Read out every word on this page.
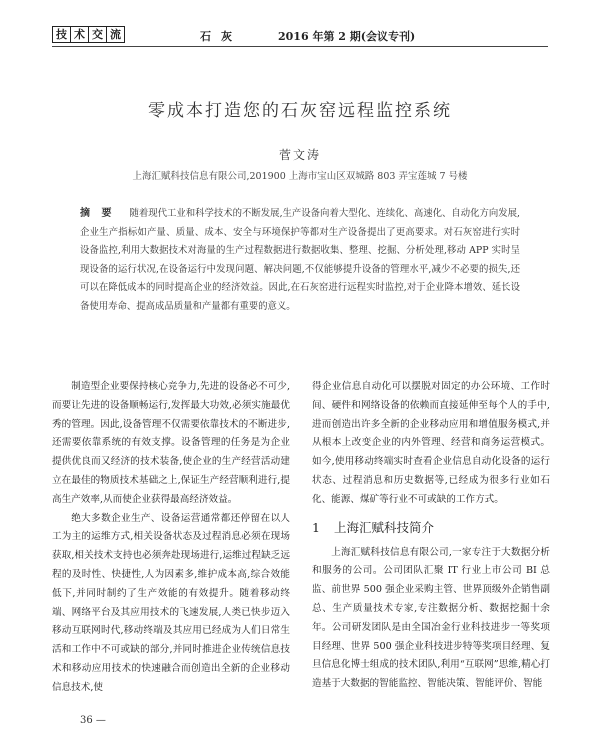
技 术 交 流	石灰	2016 年第 2 期(会议专刊)
零成本打造您的石灰窑远程监控系统
菅文涛
上海汇赋科技信息有限公司,201900 上海市宝山区双城路 803 弄宝莲城 7 号楼
摘 要 随着现代工业和科学技术的不断发展,生产设备向着大型化、连续化、高速化、自动化方向发展,企业生产指标如产量、质量、成本、安全与环境保护等都对生产设备提出了更高要求。对石灰窑进行实时设备监控,利用大数据技术对海量的生产过程数据进行数据收集、整理、挖掘、分析处理,移动 APP 实时呈现设备的运行状况,在设备运行中发现问题、解决问题,不仅能够提升设备的管理水平,减少不必要的损失,还可以在降低成本的同时提高企业的经济效益。因此,在石灰窑进行远程实时监控,对于企业降本增效、延长设备使用寿命、提高成品质量和产量都有重要的意义。

制造型企业要保持核心竞争力,先进的设备必不可少,而要让先进的设备顺畅运行,发挥最大功效,必须实施最优秀的管理。因此,设备管理不仅需要依靠技术的不断进步,还需要依靠系统的有效支撑。设备管理的任务是为企业提供优良而又经济的技术装备,使企业的生产经营活动建立在最佳的物质技术基础之上,保证生产经营顺利进行,提高生产效率,从而使企业获得最高经济效益。

绝大多数企业生产、设备运营通常都还停留在以人工为主的运维方式,相关设备状态及过程消息必须在现场获取,相关技术支持也必须奔赴现场进行,运维过程缺乏远程的及时性、快捷性,人为因素多,维护成本高,综合效能低下,并同时制约了生产效能的有效提升。随着移动终端、网络平台及其应用技术的飞速发展,人类已快步迈入移动互联网时代,移动终端及其应用已经成为人们日常生活和工作中不可或缺的部分,并同时推进企业传统信息技术和移动应用技术的快速融合而创造出全新的企业移动信息技术,使

得企业信息自动化可以摆脱对固定的办公环境、工作时间、硬件和网络设备的依赖而直接延伸至每个人的手中,进而创造出许多全新的企业移动应用和增值服务模式,并从根本上改变企业的内外管理、经营和商务运营模式。如今,使用移动终端实时查看企业信息自动化设备的运行状态、过程消息和历史数据等,已经成为很多行业如石化、能源、煤矿等行业不可或缺的工作方式。

1 上海汇赋科技简介

上海汇赋科技信息有限公司,一家专注于大数据分析和服务的公司。公司团队汇聚 IT 行业上市公司 BI 总监、前世界 500 强企业采购主管、世界顶级外企销售副总、生产质量技术专家,专注数据分析、数据挖掘十余年。公司研发团队是由全国冶金行业科技进步一等奖项目经理、世界 500 强企业科技进步特等奖项目经理、复旦信息化博士组成的技术团队,利用“互联网”思维,精心打造基于大数据的智能监控、智能决策、智能评价、智能

36 —
